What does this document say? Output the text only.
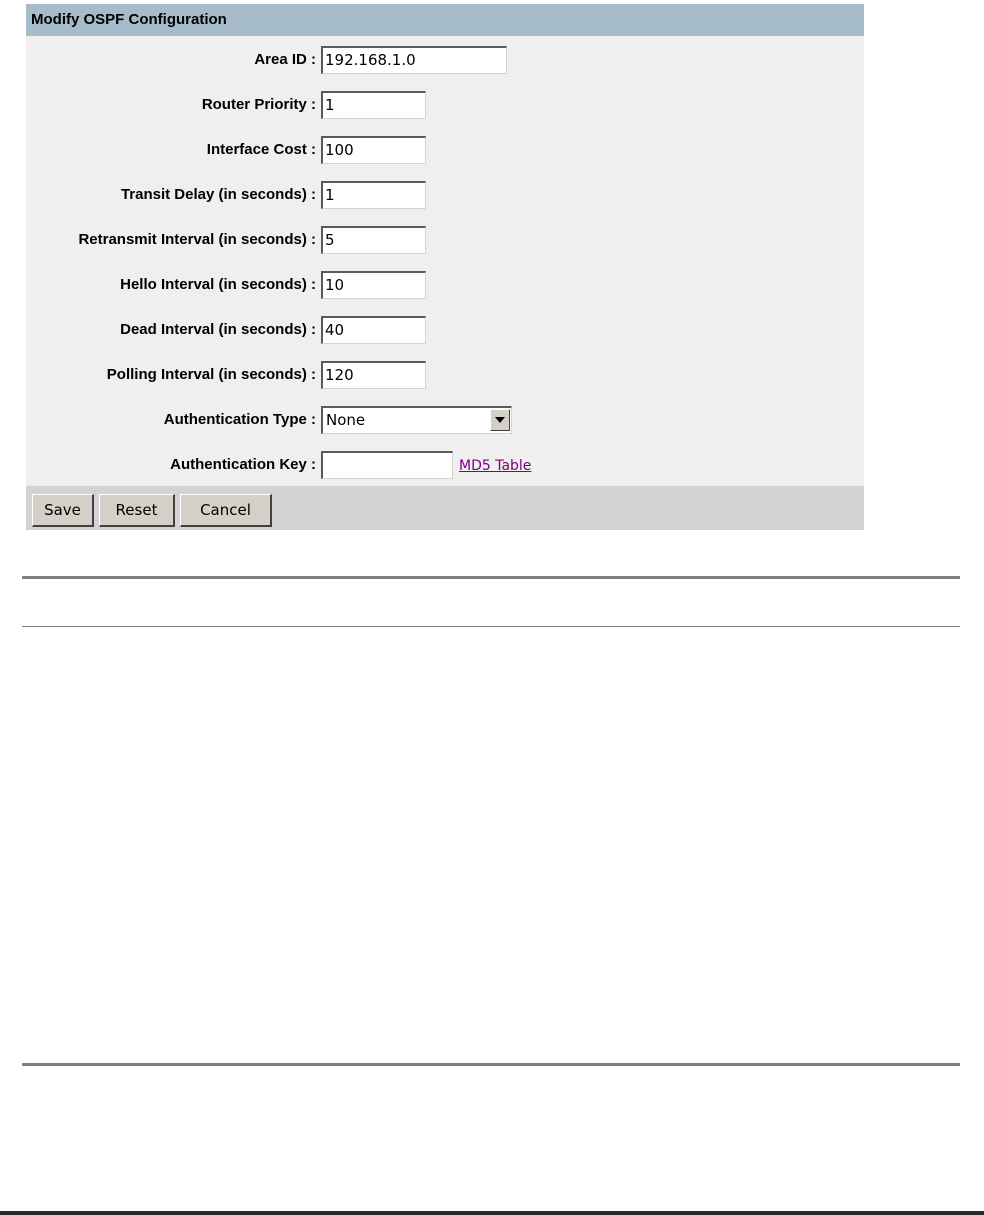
Modify OSPF Configuration
Area ID : 192.168.1.0
Router Priority : 1
Interface Cost : 100
Transit Delay (in seconds) : 1
Retransmit Interval (in seconds) : 5
Hello Interval (in seconds) : 10
Dead Interval (in seconds) : 40
Polling Interval (in seconds) : 120
Authentication Type : None
Authentication Key :	MD5 Table
Save	Reset	Cancel
